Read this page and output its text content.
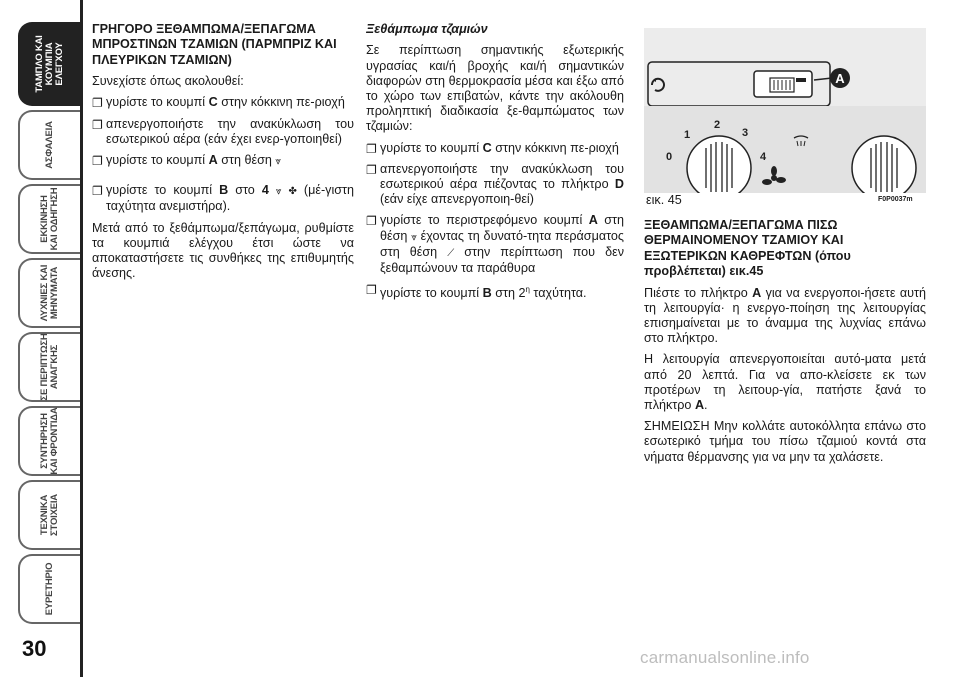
ΤΑΜΠΛΟ ΚΑΙ
ΚΟΥΜΠΙΑ
ΕΛΕΓΧΟΥ
ΑΣΦΑΛΕΙΑ
ΕΚΚΙΝΗΣΗ
ΚΑΙ ΟΔΗΓΗΣΗ
ΛΥΧΝΙΕΣ ΚΑΙ
ΜΗΝΥΜΑΤΑ
ΣΕ ΠΕΡΙΠΤΩΣΗ
ΑΝΑΓΚΗΣ
ΣΥΝΤΗΡΗΣΗ
ΚΑΙ ΦΡΟΝΤΙΔΑ
ΤΕΧΝΙΚΑ
ΣΤΟΙΧΕΙΑ
ΕΥΡΕΤΗΡΙΟ
30
ΓΡΗΓΟΡΟ ΞΕΘΑΜΠΩΜΑ/ΞΕΠΑΓΩΜΑ ΜΠΡΟΣΤΙΝΩΝ ΤΖΑΜΙΩΝ (ΠΑΡΜΠΡΙΖ ΚΑΙ ΠΛΕΥΡΙΚΩΝ ΤΖΑΜΙΩΝ)

Συνεχίστε όπως ακολουθεί:

❐ γυρίστε το κουμπί C στην κόκκινη πε-ριοχή
❐ απενεργοποιήστε την ανακύκλωση του εσωτερικού αέρα (εάν έχει ενερ-γοποιηθεί)
❐ γυρίστε το κουμπί A στη θέση ⩔
❐ γυρίστε το κουμπί B στο 4 ⩔ ✤ (μέ-γιστη ταχύτητα ανεμιστήρα).

Μετά από το ξεθάμπωμα/ξεπάγωμα, ρυθμίστε τα κουμπιά ελέγχου έτσι ώστε να αποκαταστήσετε τις συνθήκες της επιθυμητής άνεσης.

Ξεθάμπωμα τζαμιών

Σε περίπτωση σημαντικής εξωτερικής υγρασίας και/ή βροχής και/ή σημαντικών διαφορών στη θερμοκρασία μέσα και έξω από το χώρο των επιβατών, κάντε την ακόλουθη προληπτική διαδικασία ξε-θαμπώματος των τζαμιών:

❐ γυρίστε το κουμπί C στην κόκκινη πε-ριοχή
❐ απενεργοποιήστε την ανακύκλωση του εσωτερικού αέρα πιέζοντας το πλήκτρο D (εάν είχε απενεργοποιη-θεί)
❐ γυρίστε το περιστρεφόμενο κουμπί A στη θέση ⩔ έχοντας τη δυνατό-τητα περάσματος στη θέση ⟋ στην περίπτωση που δεν ξεθαμπώνουν τα παράθυρα
❐ γυρίστε το κουμπί B στη $2^\eta$ ταχύτητα.
A
0
1
2
3
4
εικ. 45	F0P0037m
ΞΕΘΑΜΠΩΜΑ/ΞΕΠΑΓΩΜΑ ΠΙΣΩ ΘΕΡΜΑΙΝΟΜΕΝΟΥ ΤΖΑΜΙΟΥ ΚΑΙ ΕΞΩΤΕΡΙΚΩΝ ΚΑΘΡΕΦΤΩΝ (όπου προβλέπεται) εικ.45

Πιέστε το πλήκτρο A για να ενεργοποι-ήσετε αυτή τη λειτουργία· η ενεργο-ποίηση της λειτουργίας επισημαίνεται με το άναμμα της λυχνίας επάνω στο πλήκτρο.

Η λειτουργία απενεργοποιείται αυτό-ματα μετά από 20 λεπτά. Για να απο-κλείσετε εκ των προτέρων τη λειτουρ-γία, πατήστε ξανά το πλήκτρο A.

ΣΗΜΕΙΩΣΗ Μην κολλάτε αυτοκόλλητα επάνω στο εσωτερικό τμήμα του πίσω τζαμιού κοντά στα νήματα θέρμανσης για να μην τα χαλάσετε.

carmanualsonline.info
